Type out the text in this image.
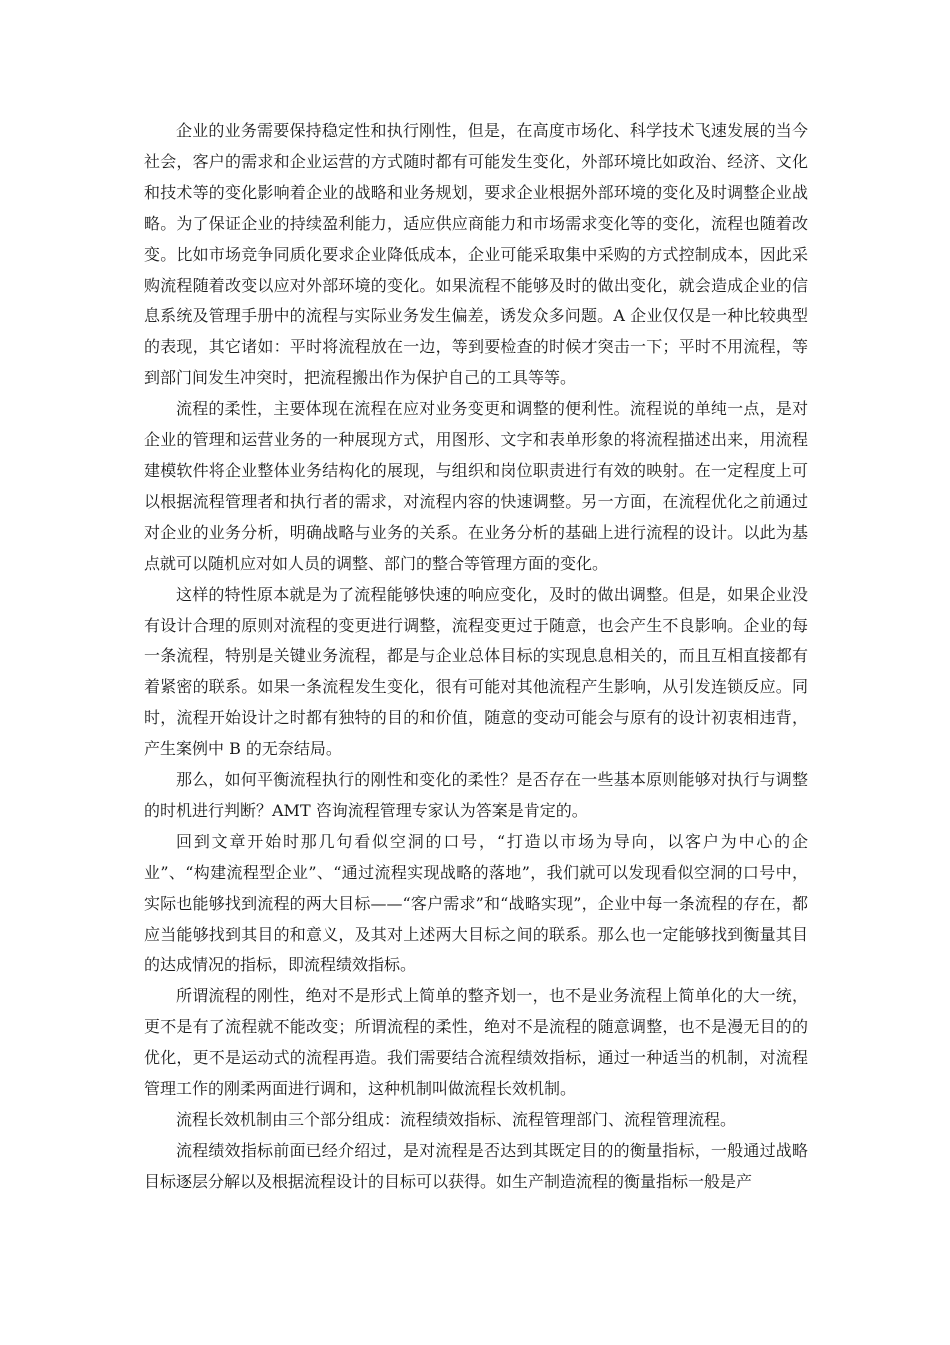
企业的业务需要保持稳定性和执行刚性，但是，在高度市场化、科学技术飞速发展的当今社会，客户的需求和企业运营的方式随时都有可能发生变化，外部环境比如政治、经济、文化和技术等的变化影响着企业的战略和业务规划，要求企业根据外部环境的变化及时调整企业战略。为了保证企业的持续盈利能力，适应供应商能力和市场需求变化等的变化，流程也随着改变。比如市场竞争同质化要求企业降低成本，企业可能采取集中采购的方式控制成本，因此采购流程随着改变以应对外部环境的变化。如果流程不能够及时的做出变化，就会造成企业的信息系统及管理手册中的流程与实际业务发生偏差，诱发众多问题。A 企业仅仅是一种比较典型的表现，其它诸如：平时将流程放在一边，等到要检查的时候才突击一下；平时不用流程，等到部门间发生冲突时，把流程搬出作为保护自己的工具等等。

流程的柔性，主要体现在流程在应对业务变更和调整的便利性。流程说的单纯一点，是对企业的管理和运营业务的一种展现方式，用图形、文字和表单形象的将流程描述出来，用流程建模软件将企业整体业务结构化的展现，与组织和岗位职责进行有效的映射。在一定程度上可以根据流程管理者和执行者的需求，对流程内容的快速调整。另一方面，在流程优化之前通过对企业的业务分析，明确战略与业务的关系。在业务分析的基础上进行流程的设计。以此为基点就可以随机应对如人员的调整、部门的整合等管理方面的变化。

这样的特性原本就是为了流程能够快速的响应变化，及时的做出调整。但是，如果企业没有设计合理的原则对流程的变更进行调整，流程变更过于随意，也会产生不良影响。企业的每一条流程，特别是关键业务流程，都是与企业总体目标的实现息息相关的，而且互相直接都有着紧密的联系。如果一条流程发生变化，很有可能对其他流程产生影响，从引发连锁反应。同时，流程开始设计之时都有独特的目的和价值，随意的变动可能会与原有的设计初衷相违背，产生案例中 B 的无奈结局。

那么，如何平衡流程执行的刚性和变化的柔性？是否存在一些基本原则能够对执行与调整的时机进行判断？AMT 咨询流程管理专家认为答案是肯定的。

回到文章开始时那几句看似空洞的口号，“打造以市场为导向，以客户为中心的企业”、“构建流程型企业”、“通过流程实现战略的落地”，我们就可以发现看似空洞的口号中，实际也能够找到流程的两大目标——“客户需求”和“战略实现”，企业中每一条流程的存在，都应当能够找到其目的和意义，及其对上述两大目标之间的联系。那么也一定能够找到衡量其目的达成情况的指标，即流程绩效指标。

所谓流程的刚性，绝对不是形式上简单的整齐划一，也不是业务流程上简单化的大一统，更不是有了流程就不能改变；所谓流程的柔性，绝对不是流程的随意调整，也不是漫无目的的优化，更不是运动式的流程再造。我们需要结合流程绩效指标，通过一种适当的机制，对流程管理工作的刚柔两面进行调和，这种机制叫做流程长效机制。

流程长效机制由三个部分组成：流程绩效指标、流程管理部门、流程管理流程。

流程绩效指标前面已经介绍过，是对流程是否达到其既定目的的衡量指标，一般通过战略目标逐层分解以及根据流程设计的目标可以获得。如生产制造流程的衡量指标一般是产
